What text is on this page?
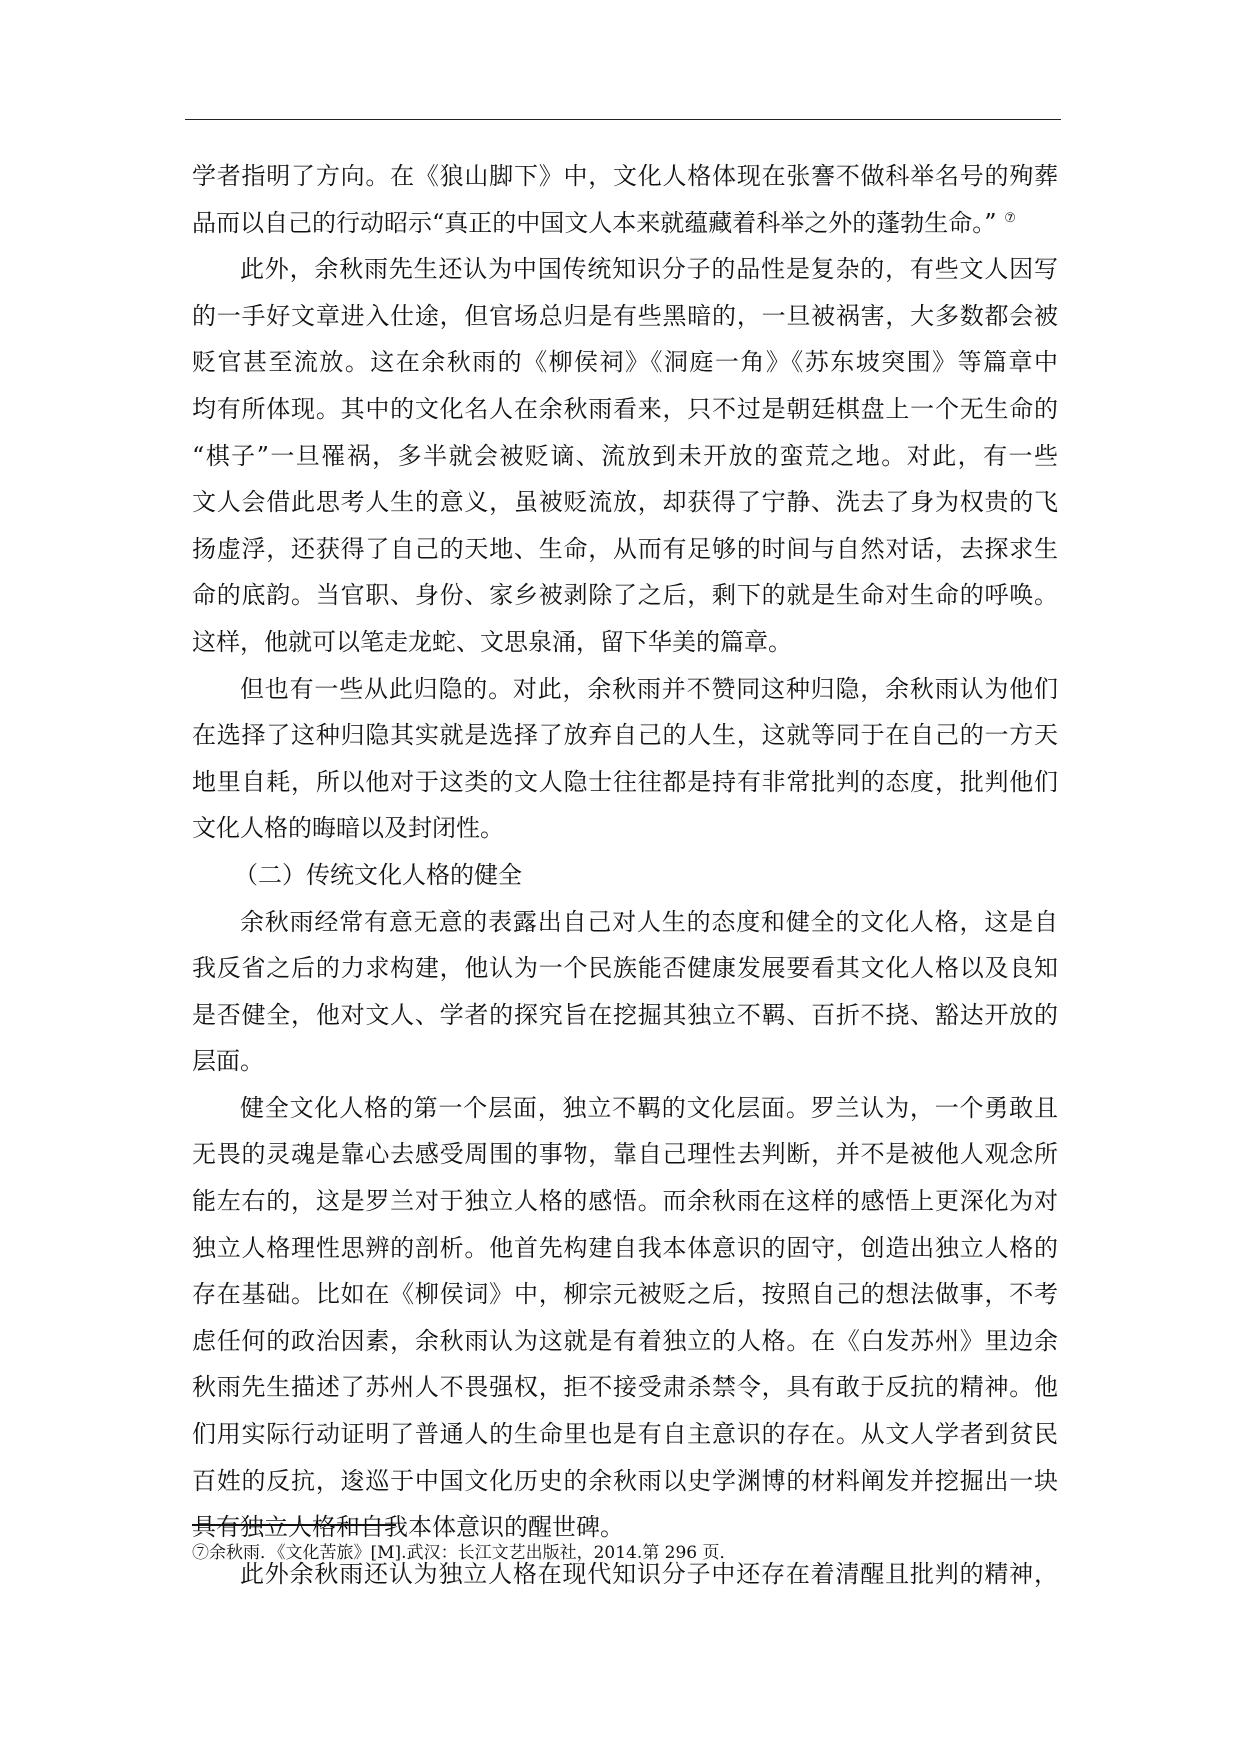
学者指明了方向。在《狼山脚下》中，文化人格体现在张謇不做科举名号的殉葬
品而以自己的行动昭示“真正的中国文人本来就蕴藏着科举之外的蓬勃生命。” ⑦
此外，余秋雨先生还认为中国传统知识分子的品性是复杂的，有些文人因写
的一手好文章进入仕途，但官场总归是有些黑暗的，一旦被祸害，大多数都会被
贬官甚至流放。这在余秋雨的《柳侯祠》《洞庭一角》《苏东坡突围》等篇章中
均有所体现。其中的文化名人在余秋雨看来，只不过是朝廷棋盘上一个无生命的
“棋子”一旦罹祸，多半就会被贬谪、流放到未开放的蛮荒之地。对此，有一些
文人会借此思考人生的意义，虽被贬流放，却获得了宁静、洗去了身为权贵的飞
扬虚浮，还获得了自己的天地、生命，从而有足够的时间与自然对话，去探求生
命的底韵。当官职、身份、家乡被剥除了之后，剩下的就是生命对生命的呼唤。
这样，他就可以笔走龙蛇、文思泉涌，留下华美的篇章。
但也有一些从此归隐的。对此，余秋雨并不赞同这种归隐，余秋雨认为他们
在选择了这种归隐其实就是选择了放弃自己的人生，这就等同于在自己的一方天
地里自耗，所以他对于这类的文人隐士往往都是持有非常批判的态度，批判他们
文化人格的晦暗以及封闭性。
（二）传统文化人格的健全
余秋雨经常有意无意的表露出自己对人生的态度和健全的文化人格，这是自
我反省之后的力求构建，他认为一个民族能否健康发展要看其文化人格以及良知
是否健全，他对文人、学者的探究旨在挖掘其独立不羁、百折不挠、豁达开放的
层面。
健全文化人格的第一个层面，独立不羁的文化层面。罗兰认为，一个勇敢且
无畏的灵魂是靠心去感受周围的事物，靠自己理性去判断，并不是被他人观念所
能左右的，这是罗兰对于独立人格的感悟。而余秋雨在这样的感悟上更深化为对
独立人格理性思辨的剖析。他首先构建自我本体意识的固守，创造出独立人格的
存在基础。比如在《柳侯词》中，柳宗元被贬之后，按照自己的想法做事，不考
虑任何的政治因素，余秋雨认为这就是有着独立的人格。在《白发苏州》里边余
秋雨先生描述了苏州人不畏强权，拒不接受肃杀禁令，具有敢于反抗的精神。他
们用实际行动证明了普通人的生命里也是有自主意识的存在。从文人学者到贫民
百姓的反抗，逡巡于中国文化历史的余秋雨以史学渊博的材料阐发并挖掘出一块
具有独立人格和自我本体意识的醒世碑。
此外余秋雨还认为独立人格在现代知识分子中还存在着清醒且批判的精神，
⑦余秋雨．《文化苦旅》[M].武汉：长江文艺出版社，2014.第 296 页．
